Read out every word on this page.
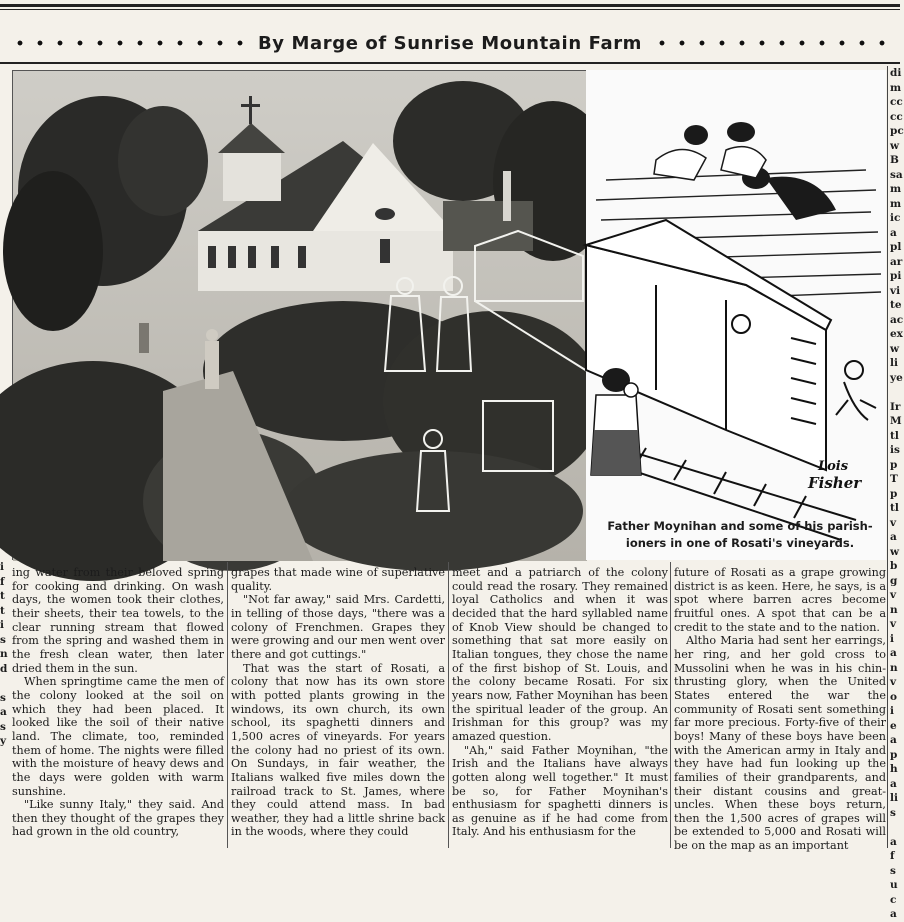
By Marge of Sunrise Mountain Farm
Lois
Fisher
Father Moynihan and some of his parish-
ioners in one of Rosati's vineyards.
di
m
cc
cc
pc
w
B
sa
m
m
ic
a
pl
ar
pi
vi
te
ac
ex
w
li
ye

Ir
M
tl
is
p
T
p
tl
v
a
w
b
g
v
n
v
i
a
n
v
o
i
e
a
p
h
a
li
s

a
f
s
u
c
a
i
f
t
t
i
s
n
d

s
a
s
y

ing water from their beloved spring for cooking and drinking. On wash days, the women took their clothes, their sheets, their tea towels, to the clear running stream that flowed from the spring and washed them in the fresh clean water, then later dried them in the sun.

When springtime came the men of the colony looked at the soil on which they had been placed. It looked like the soil of their native land. The climate, too, reminded them of home. The nights were filled with the moisture of heavy dews and the days were golden with warm sunshine.

"Like sunny Italy," they said. And then they thought of the grapes they had grown in the old country,

grapes that made wine of superlative quality.

"Not far away," said Mrs. Cardetti, in telling of those days, "there was a colony of Frenchmen. Grapes they were growing and our men went over there and got cuttings."

That was the start of Rosati, a colony that now has its own store with potted plants growing in the windows, its own church, its own school, its spaghetti dinners and 1,500 acres of vineyards. For years the colony had no priest of its own. On Sundays, in fair weather, the Italians walked five miles down the railroad track to St. James, where they could attend mass. In bad weather, they had a little shrine back in the woods, where they could

meet and a patriarch of the colony could read the rosary. They remained loyal Catholics and when it was decided that the hard syllabled name of Knob View should be changed to something that sat more easily on Italian tongues, they chose the name of the first bishop of St. Louis, and the colony became Rosati. For six years now, Father Moynihan has been the spiritual leader of the group. An Irishman for this group? was my amazed question.

"Ah," said Father Moynihan, "the Irish and the Italians have always gotten along well together." It must be so, for Father Moynihan's enthusiasm for spaghetti dinners is as genuine as if he had come from Italy. And his enthusiasm for the

future of Rosati as a grape growing district is as keen. Here, he says, is a spot where barren acres become fruitful ones. A spot that can be a credit to the state and to the nation.

Altho Maria had sent her earrings, her ring, and her gold cross to Mussolini when he was in his chin-thrusting glory, when the United States entered the war the community of Rosati sent something far more precious. Forty-five of their boys! Many of these boys have been with the American army in Italy and they have had fun looking up the families of their grandparents, and their distant cousins and great-uncles. When these boys return, then the 1,500 acres of grapes will be extended to 5,000 and Rosati will be on the map as an important
